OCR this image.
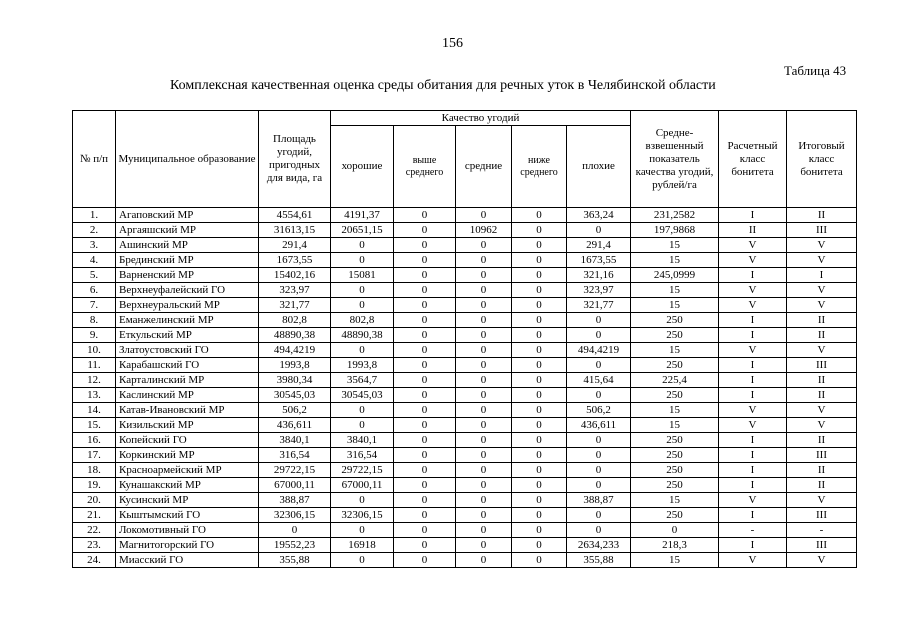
156
Таблица 43
Комплексная качественная оценка среды обитания для речных уток в Челябинской области
№ п/п	Муниципальное образование	Площадь угодий, пригодных для вида, га	Качество угодий					Средне-взвешенный показатель качества угодий, рублей/га	Расчетный класс бонитета	Итоговый класс бонитета
			хорошие	выше среднего	средние	ниже среднего	плохие			
1.	Агаповский МР	4554,61	4191,37	0	0	0	363,24	231,2582	I	II
2.	Аргаяшский МР	31613,15	20651,15	0	10962	0	0	197,9868	II	III
3.	Ашинский МР	291,4	0	0	0	0	291,4	15	V	V
4.	Брединский МР	1673,55	0	0	0	0	1673,55	15	V	V
5.	Варненский МР	15402,16	15081	0	0	0	321,16	245,0999	I	I
6.	Верхнеуфалейский ГО	323,97	0	0	0	0	323,97	15	V	V
7.	Верхнеуральский МР	321,77	0	0	0	0	321,77	15	V	V
8.	Еманжелинский МР	802,8	802,8	0	0	0	0	250	I	II
9.	Еткульский МР	48890,38	48890,38	0	0	0	0	250	I	II
10.	Златоустовский ГО	494,4219	0	0	0	0	494,4219	15	V	V
11.	Карабашский ГО	1993,8	1993,8	0	0	0	0	250	I	III
12.	Карталинский МР	3980,34	3564,7	0	0	0	415,64	225,4	I	II
13.	Каслинский МР	30545,03	30545,03	0	0	0	0	250	I	II
14.	Катав-Ивановский МР	506,2	0	0	0	0	506,2	15	V	V
15.	Кизильский МР	436,611	0	0	0	0	436,611	15	V	V
16.	Копейский ГО	3840,1	3840,1	0	0	0	0	250	I	II
17.	Коркинский МР	316,54	316,54	0	0	0	0	250	I	III
18.	Красноармейский МР	29722,15	29722,15	0	0	0	0	250	I	II
19.	Кунашакский МР	67000,11	67000,11	0	0	0	0	250	I	II
20.	Кусинский МР	388,87	0	0	0	0	388,87	15	V	V
21.	Кыштымский ГО	32306,15	32306,15	0	0	0	0	250	I	III
22.	Локомотивный ГО	0	0	0	0	0	0	0	-	-
23.	Магнитогорский ГО	19552,23	16918	0	0	0	2634,233	218,3	I	III
24.	Миасский ГО	355,88	0	0	0	0	355,88	15	V	V
